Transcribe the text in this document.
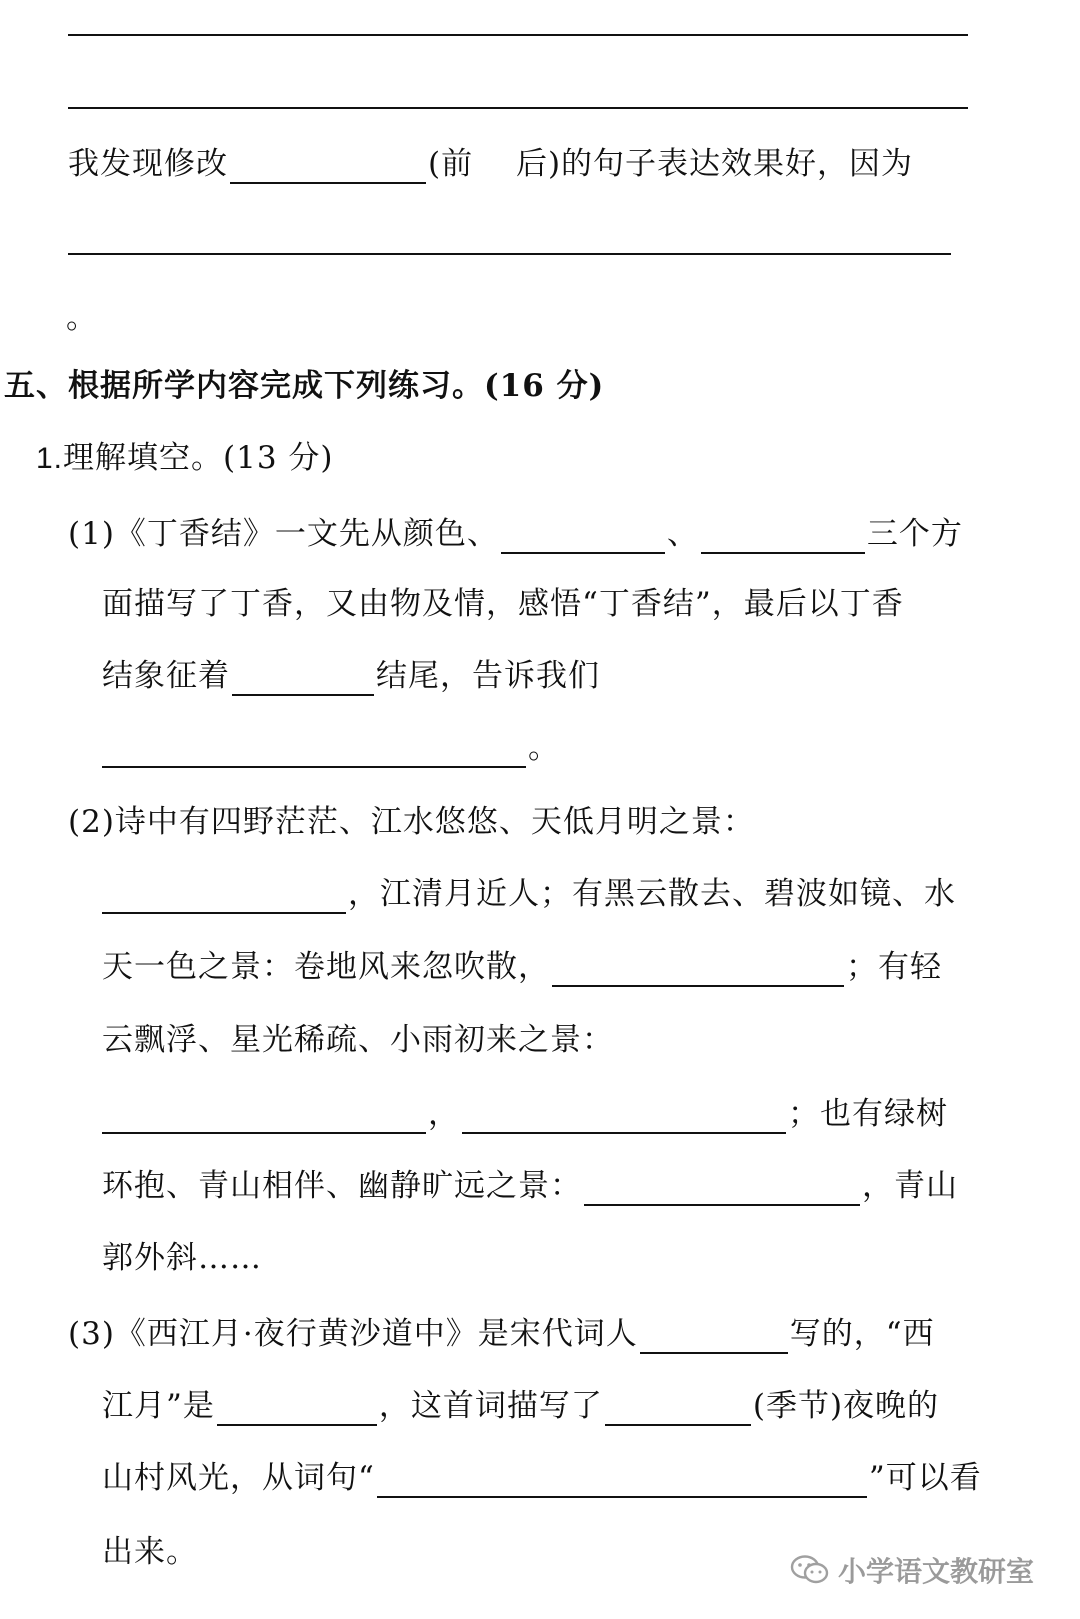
我发现修改	(前　 后)的句子表达效果好，因为
。
五、根据所学内容完成下列练习。(16 分)
1.理解填空。(13 分)
(1)《丁香结》一文先从颜色、	、	三个方
面描写了丁香，又由物及情，感悟“丁香结”，最后以丁香
结象征着	结尾，告诉我们
。
(2)诗中有四野茫茫、江水悠悠、天低月明之景：
，江清月近人；有黑云散去、碧波如镜、水
天一色之景：卷地风来忽吹散，	；有轻
云飘浮、星光稀疏、小雨初来之景：
，	；也有绿树
环抱、青山相伴、幽静旷远之景：	，青山
郭外斜……
(3)《西江月·夜行黄沙道中》是宋代词人	写的，“西
江月”是	，这首词描写了	(季节)夜晚的
山村风光，从词句“	”可以看
出来。
小学语文教研室
